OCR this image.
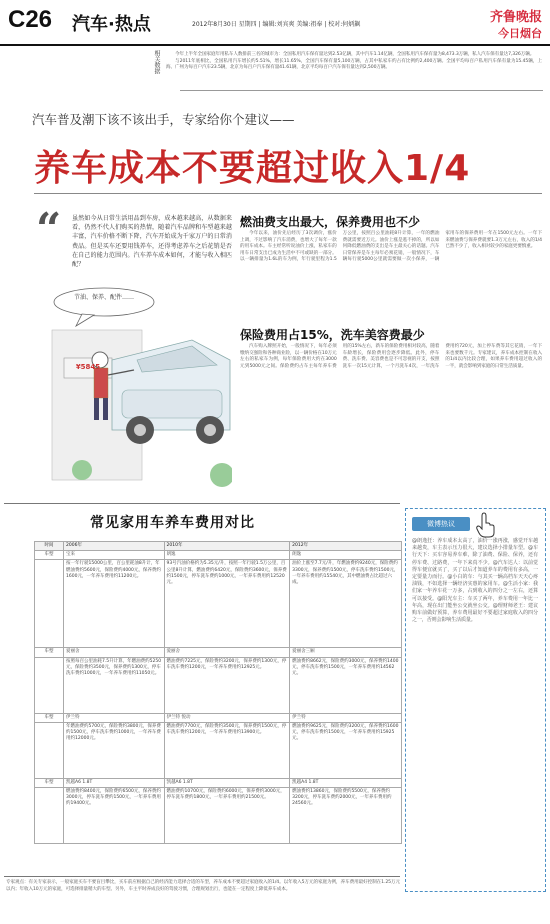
C26 汽车·热点	2012年8月30日 星期四 | 编辑:刘宾爽 美编:祖奉 | 校对:何炳飙	齐鲁晚报
今日烟台
相关数据	今年上半年全国家庭年用私车人数排前三名的城市为：全国私用汽车保有量达到2.53亿辆，其中汽车1.14亿辆，全国私用汽车保有量为8,473.3万辆，私人汽车保有量达7,326万辆。

与2011年底相比，全国私用汽车增长约5.51%，增长11.65%，全国汽车保有量5,100万辆，占其中私家车约占有比例约2,400万辆。全国平均每百户私用汽车保有量为15.45辆，上海、广州为每百户汽车23.5辆，北京为每百户汽车保有量41.61辆，北京平均每百户汽车保有量达到2,500万辆。

汽车普及潮下该不该出手，专家给你个建议——
养车成本不要超过收入1/4
“ 虽然如今从日常生活用品到车房，成本越来越高，从数据来看，仍然不代人们购买的热情，随着汽车品牌和车型越来越丰富，汽车价格不断下降，汽车开始成为千家万户的日常消费品。但是买车还要用钱养车，还得考虑养车之后花销是否在自己的能力范围内。汽车养车成本如何，才能与收入相匹配？
节油、保养、配件……
¥5845
燃油费支出最大，保养费用也不少

今年以来，油价先后经历了3次调价，涨价上调，不过影响了汽车消费，也增大了每年一款的用车成本。车主经常听说油价上涨，私家车的用车日常支出已成为生活中不可或缺的一部分。以一辆排量为1.6L的车为例，年行驶里程为1.5万公里，按照百公里油耗8升计算，一年的燃油费就需要近万元。油价上涨是逃不掉的，所以如何降低燃油费的支出是车主最关心的话题。汽车日常保养是车主每年必须花销，一般情况下，车辆每行驶5000公里就需要做一次小保养，一辆家用车的保养费用一年在1500元左右。一年下来燃油费与保养费就要1.3万元左右，收入的1/4已然不少了，收入相对较少的家庭更要慎重。

保险费用占15%，洗车美容费最少

汽车购入牌照开始，一般情况下，每年必须缴纳交强险和各种商业险，以一辆价格在10万元左右的私家车为例，每年保险费用大约在3000元到5000元之间。保险费约占车主每年养车费用的15%左右，新车的保险费用相对较高，随着车龄增长，保险费用会逐步降低。此外，停车费、洗车费、美容费也是不可忽视的开支，按照洗车一次15元计算，一个月洗车4次，一年洗车费用约720元，加上停车费等其它花销，一年下来也要数千元。专家建议，养车成本控制在收入的1/4以内比较合理，如果养车费用超过收入的一半，就会影响到家庭的日常生活质量。

常见家用车养车费用对比
时间	2006年	2010年	2012年
车型	宝来	朗逸	朗逸
	按一年行驶15000公里，百公里耗油8升计，年燃油费约5600元，保险费约4000元，保养费约1600元，一年养车费用约11200元。	93号汽油价格约为5.35元/升，按照一年行驶1.5万公里，百公里8升计算，燃油费约6420元，保险费约3600元，保养费约1500元，停车洗车费约1000元，一年养车费用约12520元。	油价上涨至7.7元/升，年燃油费约9240元，保险费约3300元，保养费约1500元，停车洗车费约1500元，一年养车费用约15540元，其中燃油费占比超过六成。
车型	爱丽舍	爱丽舍	爱丽舍三厢
	按照每百公里油耗7.5升计算，年燃油费约5250元，保险费约3500元，保养费约1300元，停车洗车费约1000元，一年养车费用约11050元。	燃油费约7225元，保险费约3200元，保养费约1300元，停车洗车费约1200元，一年养车费用约12925元。	燃油费约8662元，保险费约3000元，保养费约1400元，停车洗车费约1500元，一年养车费用约14562元。
车型	伊兰特	伊兰特 悦动	伊兰特
	年燃油费约5700元，保险费约3800元，保养费约1500元，停车洗车费约1000元，一年养车费用约12000元。	燃油费约7700元，保险费约3500元，保养费约1500元，停车洗车费约1200元，一年养车费用约13900元。	燃油费约9625元，保险费约3200元，保养费约1600元，停车洗车费约1500元，一年养车费用约15925元。
车型	凯越A6 1.8T	凯越A6 1.8T	凯越A4 1.8T
	燃油费约8400元，保险费约6500元，保养费约3000元，停车洗车费约1500元，一年养车费用约19400元。	燃油费约10700元，保险费约6000元，保养费约3000元，停车洗车费约1800元，一年养车费用约21500元。	燃油费约13860元，保险费约5500元，保养费约3200元，停车洗车费约2000元，一年养车费用约24560元。
微博热议
@朗逸狂：养车成本太高了，油价一涨再涨，感觉开车越来越贵，车主表示压力很大，建议选择小排量车型。@车行天下：买车容易养车难，除了油费、保险、保养，还有停车费、过路费，一年下来真不少。@汽车达人：以前觉得车便宜就买了，买了以后才知道养车的费用有多高，一定要量力而行。@小白的车：与其买一辆高档车天天心疼油钱，不如选择一辆经济实惠的家用车。@生活小家：我们家一年养车花一万多，占到收入的四分之一左右，还算可以接受。@阳光车主：车买了两年，养车费用一年比一年高，现在出门能坐公交就坐公交。@理财师老王：建议购车前做好预算，养车费用最好不要超过家庭收入的四分之一，否则会影响生活质量。
专家观点：有关专家表示，一般家庭买车不要盲目攀比，买车前应根据自己的经济能力选择合适的车型，养车成本不要超过家庭收入的1/4。以年收入5万元的家庭为例，养车费用最好控制在1.25万元以内；年收入10万元的家庭，可选择排量稍大的车型。另外，车主平时养成良好的驾驶习惯，合理规划出行，也能在一定程度上降低养车成本。
